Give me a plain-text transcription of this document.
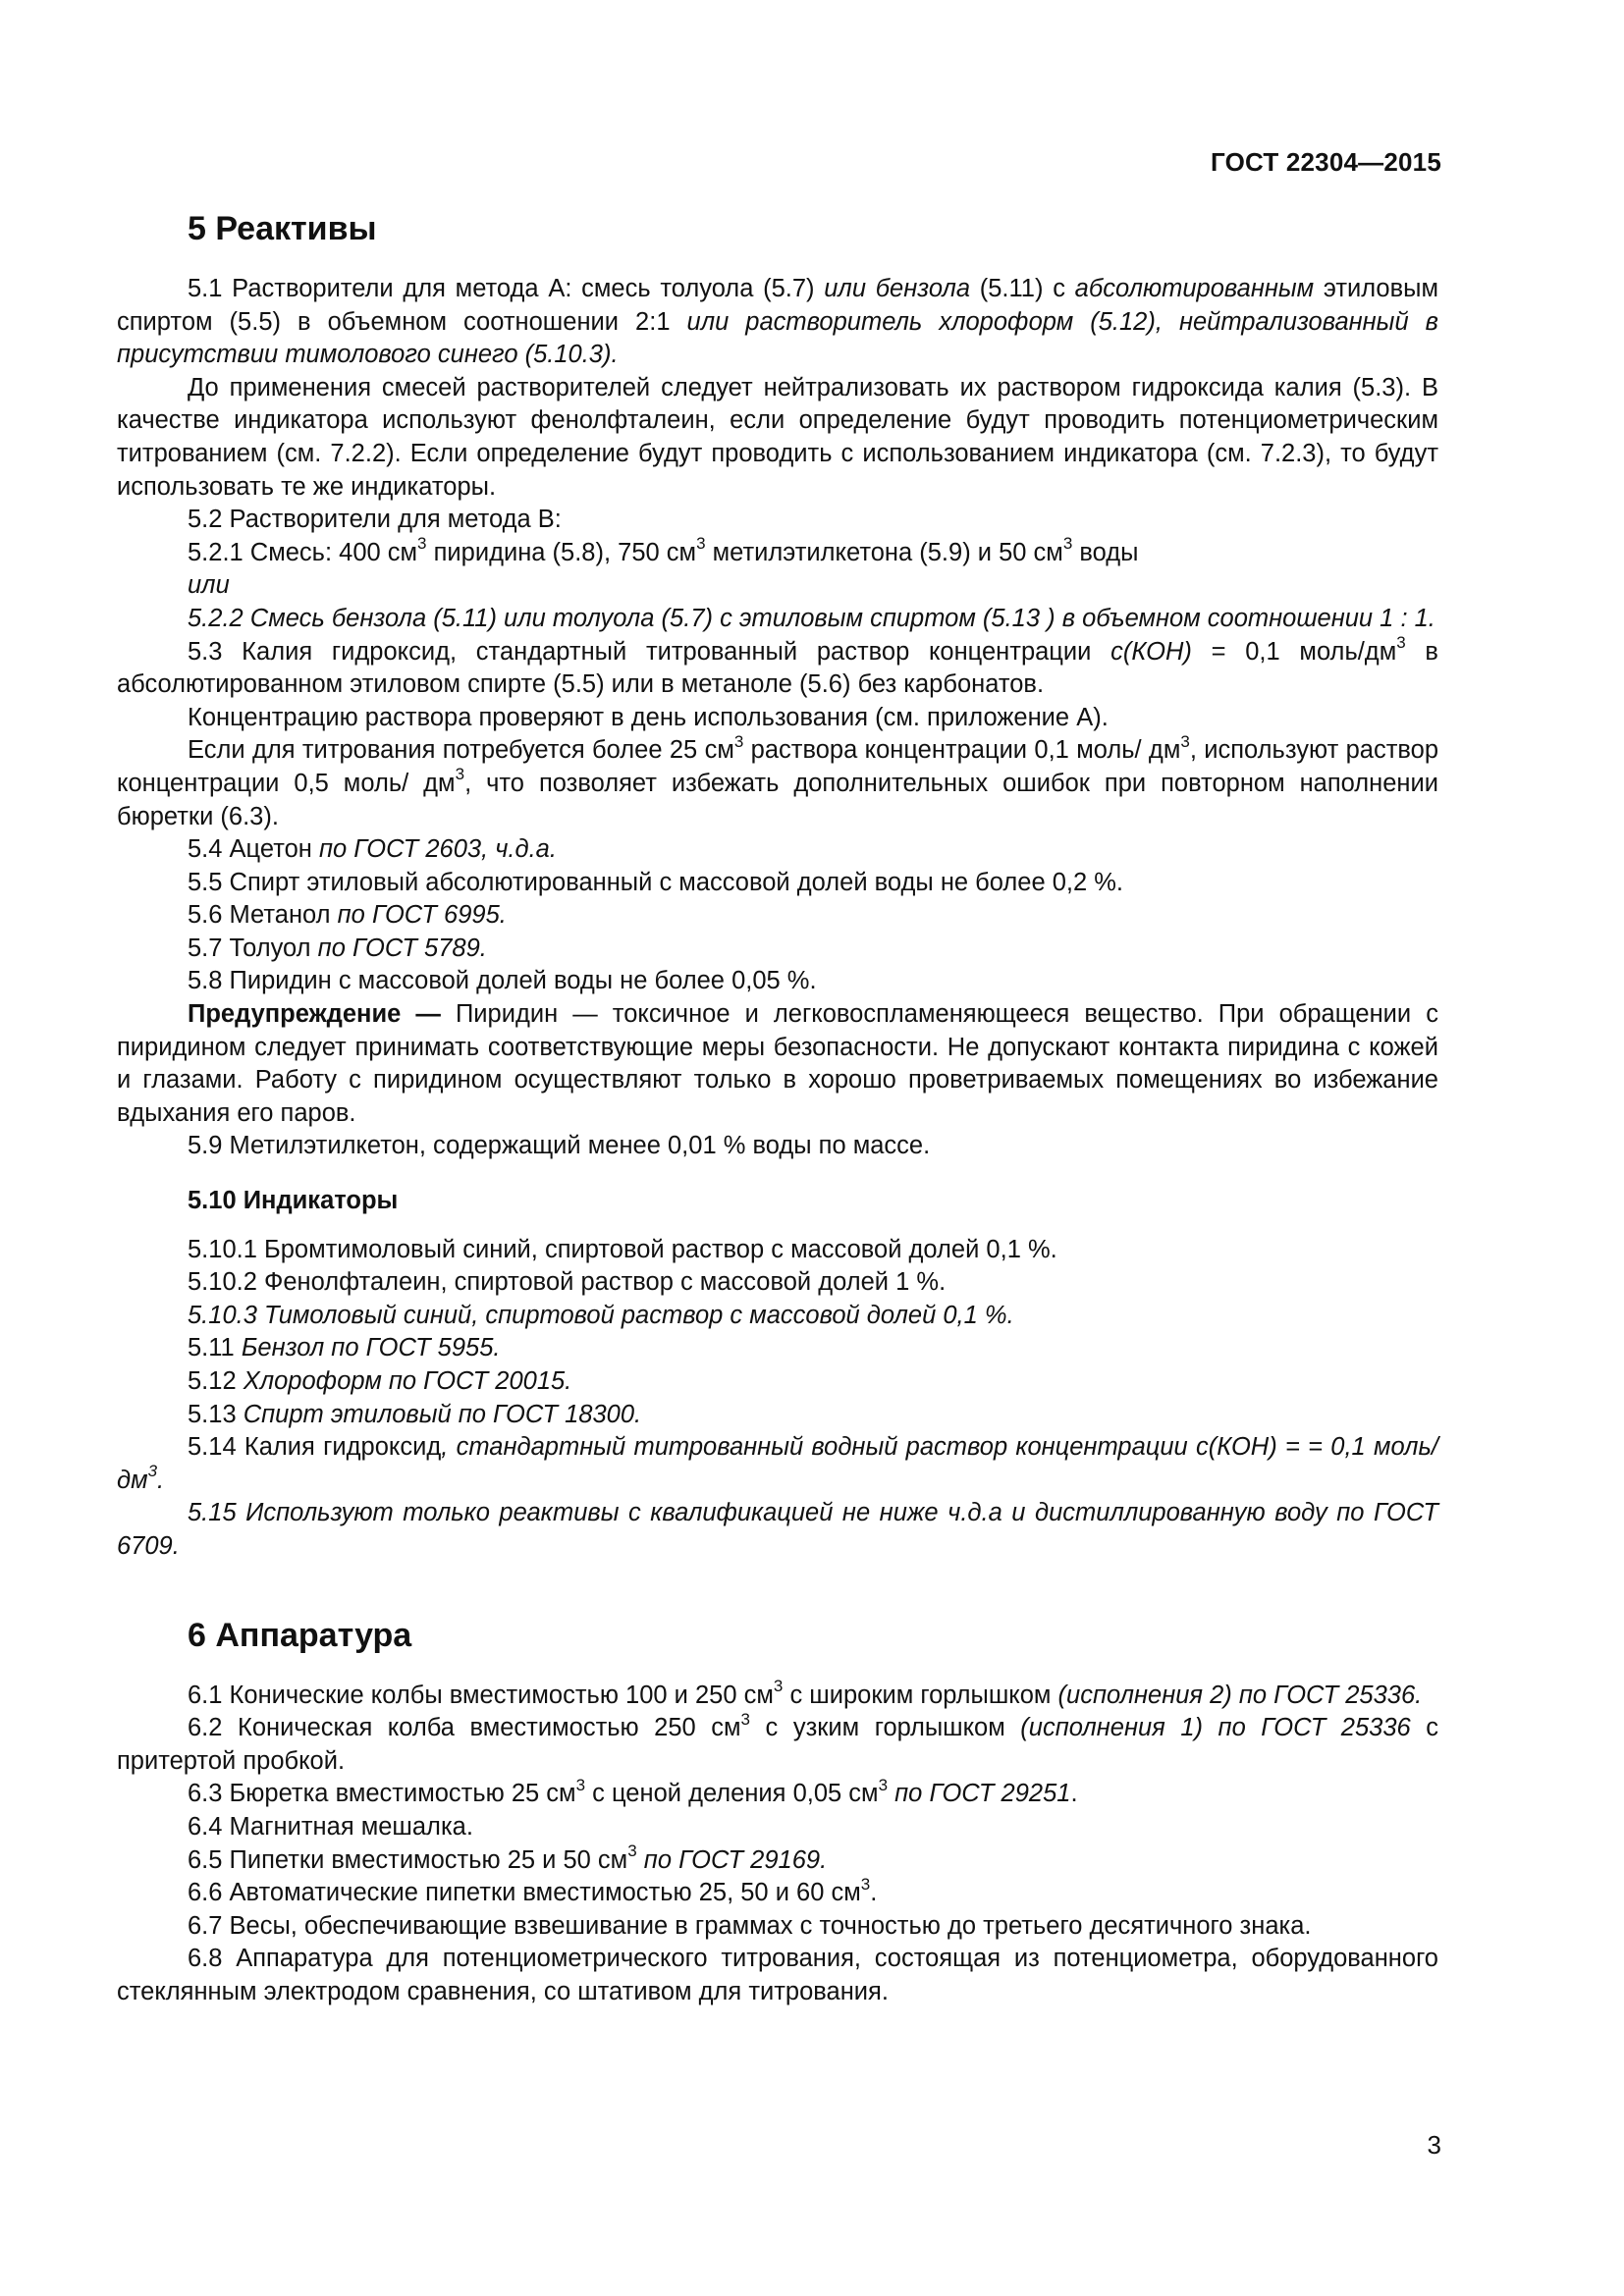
ГОСТ 22304—2015

5 Реактивы

5.1 Растворители для метода А: смесь толуола (5.7) или бензола (5.11) с абсолютированным этиловым спиртом (5.5) в объемном соотношении 2:1 или растворитель хлороформ (5.12), нейтрализованный в присутствии тимолового синего (5.10.3).

До применения смесей растворителей следует нейтрализовать их раствором гидроксида калия (5.3). В качестве индикатора используют фенолфталеин, если определение будут проводить потенциометрическим титрованием (см. 7.2.2). Если определение будут проводить с использованием индикатора (см. 7.2.3), то будут использовать те же индикаторы.

5.2 Растворители для метода В:

5.2.1 Смесь: 400 $см^3$ пиридина (5.8), 750 $см^3$ метилэтилкетона (5.9) и 50 $см^3$ воды

или

5.2.2 Смесь бензола (5.11) или толуола (5.7) с этиловым спиртом (5.13 ) в объемном соотношении 1 : 1.

5.3 Калия гидроксид, стандартный титрованный раствор концентрации с(КОН) = 0,1 моль/$дм^3$ в абсолютированном этиловом спирте (5.5) или в метаноле (5.6) без карбонатов.

Концентрацию раствора проверяют в день использования (см. приложение А).

Если для титрования потребуется более 25 $см^3$ раствора концентрации 0,1 моль/ $дм^3$, используют раствор концентрации 0,5 моль/ $дм^3$, что позволяет избежать дополнительных ошибок при повторном наполнении бюретки (6.3).

5.4 Ацетон по ГОСТ 2603, ч.д.а.

5.5 Спирт этиловый абсолютированный с массовой долей воды не более 0,2 %.

5.6 Метанол по ГОСТ 6995.

5.7 Толуол по ГОСТ 5789.

5.8 Пиридин с массовой долей воды не более 0,05 %.

Предупреждение — Пиридин — токсичное и легковоспламеняющееся вещество. При обращении с пиридином следует принимать соответствующие меры безопасности. Не допускают контакта пиридина с кожей и глазами. Работу с пиридином осуществляют только в хорошо проветриваемых помещениях во избежание вдыхания его паров.

5.9 Метилэтилкетон, содержащий менее 0,01 % воды по массе.

5.10 Индикаторы

5.10.1 Бромтимоловый синий, спиртовой раствор с массовой долей 0,1 %.

5.10.2 Фенолфталеин, спиртовой раствор с массовой долей 1 %.

5.10.3 Тимоловый синий, спиртовой раствор с массовой долей 0,1 %.

5.11 Бензол по ГОСТ 5955.

5.12 Хлороформ по ГОСТ 20015.

5.13 Спирт этиловый по ГОСТ 18300.

5.14 Калия гидроксид, стандартный титрованный водный раствор концентрации с(КОН) = = 0,1 моль/$дм^3$.

5.15 Используют только реактивы с квалификацией не ниже ч.д.а и дистиллированную воду по ГОСТ 6709.

6 Аппаратура

6.1 Конические колбы вместимостью 100 и 250 $см^3$ с широким горлышком (исполнения 2) по ГОСТ 25336.

6.2 Коническая колба вместимостью 250 $см^3$ с узким горлышком (исполнения 1) по ГОСТ 25336 с притертой пробкой.

6.3 Бюретка вместимостью 25 $см^3$ с ценой деления 0,05 $см^3$ по ГОСТ 29251.

6.4 Магнитная мешалка.

6.5 Пипетки вместимостью 25 и 50 $см^3$ по ГОСТ 29169.

6.6 Автоматические пипетки вместимостью 25, 50 и 60 $см^3$.

6.7 Весы, обеспечивающие взвешивание в граммах с точностью до третьего десятичного знака.

6.8 Аппаратура для потенциометрического титрования, состоящая из потенциометра, оборудованного стеклянным электродом сравнения, со штативом для титрования.

3
